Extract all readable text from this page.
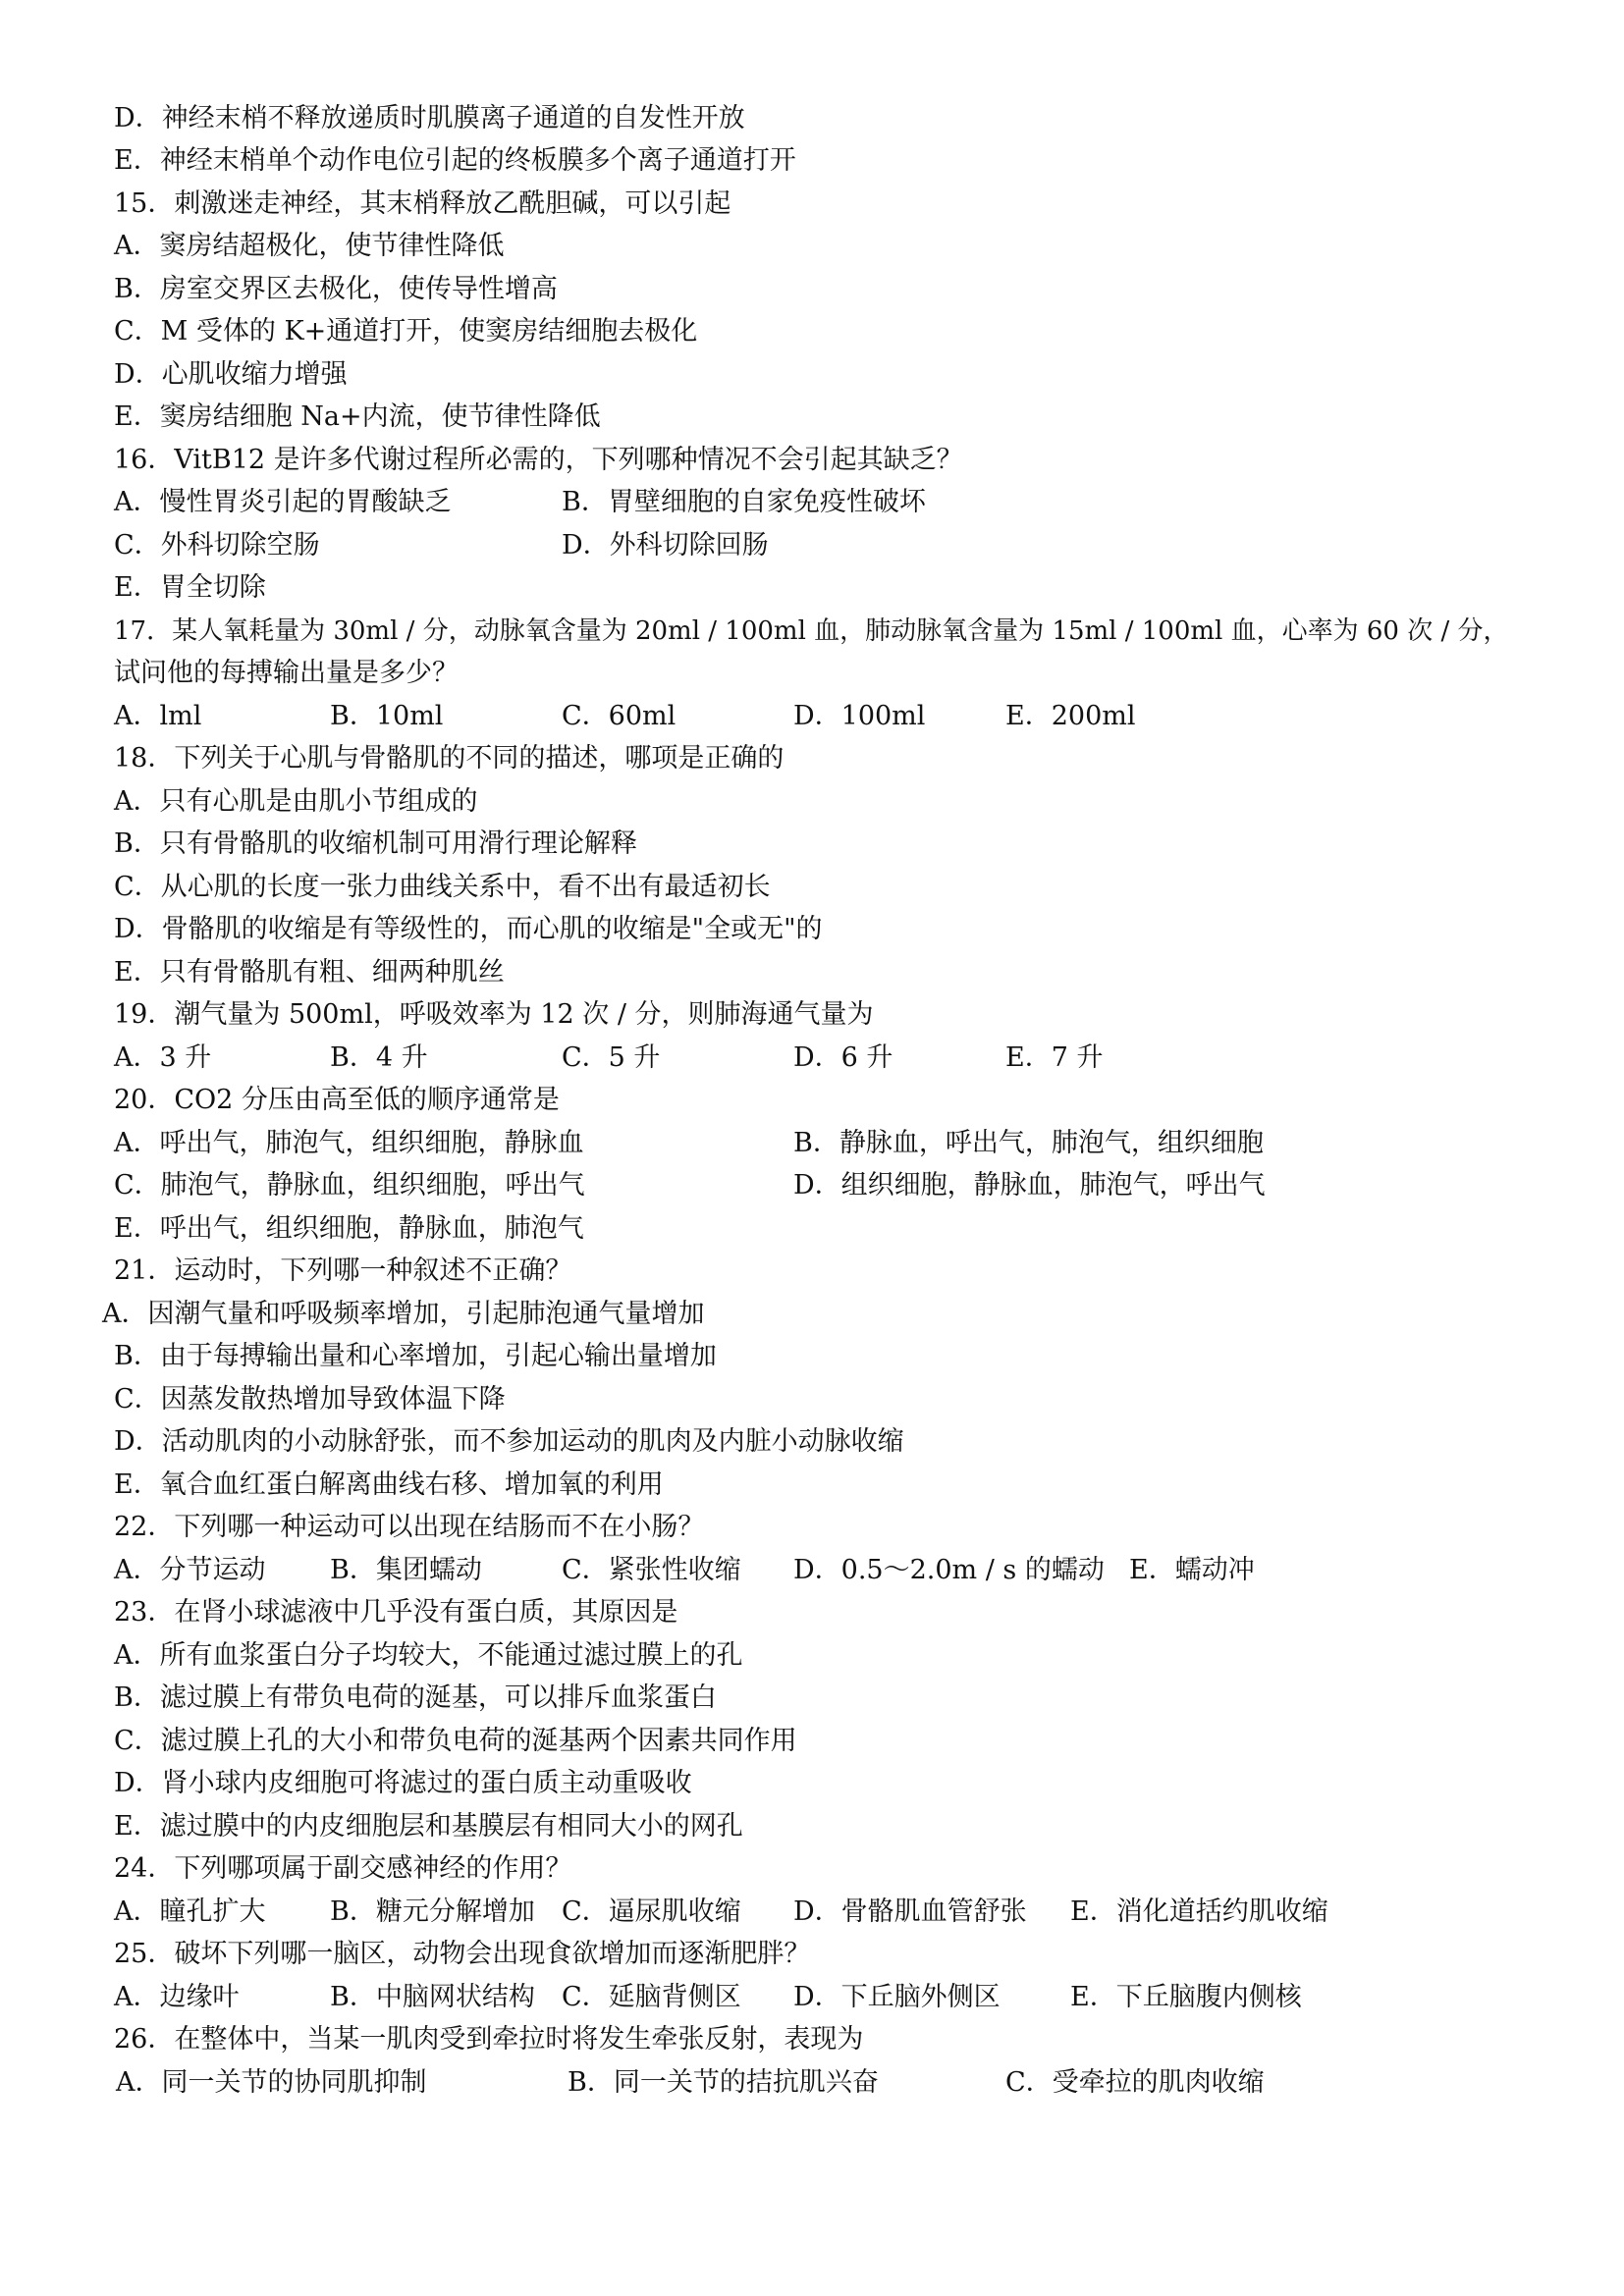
D．神经末梢不释放递质时肌膜离子通道的自发性开放
E．神经末梢单个动作电位引起的终板膜多个离子通道打开
15．刺激迷走神经，其末梢释放乙酰胆碱，可以引起
A．窦房结超极化，使节律性降低
B．房室交界区去极化，使传导性增高
C．M 受体的 K+通道打开，使窦房结细胞去极化
D．心肌收缩力增强
E．窦房结细胞 Na+内流，使节律性降低
16．VitB12 是许多代谢过程所必需的，下列哪种情况不会引起其缺乏？
A．慢性胃炎引起的胃酸缺乏	B．胃壁细胞的自家免疫性破坏
C．外科切除空肠	D．外科切除回肠
E．胃全切除
17．某人氧耗量为 30ml / 分，动脉氧含量为 20ml / 100ml 血，肺动脉氧含量为 15ml / 100ml 血，心率为 60 次 / 分，
试问他的每搏输出量是多少？
A．lml	B．10ml	C．60ml	D．100ml	E．200ml
18．下列关于心肌与骨骼肌的不同的描述，哪项是正确的
A．只有心肌是由肌小节组成的
B．只有骨骼肌的收缩机制可用滑行理论解释
C．从心肌的长度一张力曲线关系中，看不出有最适初长
D．骨骼肌的收缩是有等级性的，而心肌的收缩是"全或无"的
E．只有骨骼肌有粗、细两种肌丝
19．潮气量为 500ml，呼吸效率为 12 次 / 分，则肺海通气量为
A．3 升	B．4 升	C．5 升	D．6 升	E．7 升
20．CO2 分压由高至低的顺序通常是
A．呼出气，肺泡气，组织细胞，静脉血	B．静脉血，呼出气，肺泡气，组织细胞
C．肺泡气，静脉血，组织细胞，呼出气	D．组织细胞，静脉血，肺泡气，呼出气
E．呼出气，组织细胞，静脉血，肺泡气
21．运动时，下列哪一种叙述不正确？
A．因潮气量和呼吸频率增加，引起肺泡通气量增加
B．由于每搏输出量和心率增加，引起心输出量增加
C．因蒸发散热增加导致体温下降
D．活动肌肉的小动脉舒张，而不参加运动的肌肉及内脏小动脉收缩
E．氧合血红蛋白解离曲线右移、增加氧的利用
22．下列哪一种运动可以出现在结肠而不在小肠？
A．分节运动 B．集团蠕动	C．紧张性收缩 D．0.5～2.0m / s 的蠕动 E．蠕动冲
23．在肾小球滤液中几乎没有蛋白质，其原因是
A．所有血浆蛋白分子均较大，不能通过滤过膜上的孔
B．滤过膜上有带负电荷的涎基，可以排斥血浆蛋白
C．滤过膜上孔的大小和带负电荷的涎基两个因素共同作用
D．肾小球内皮细胞可将滤过的蛋白质主动重吸收
E．滤过膜中的内皮细胞层和基膜层有相同大小的网孔
24．下列哪项属于副交感神经的作用？
A．瞳孔扩大 B．糖元分解增加 C．逼尿肌收缩 D．骨骼肌血管舒张 E．消化道括约肌收缩
25．破坏下列哪一脑区，动物会出现食欲增加而逐渐肥胖？
A．边缘叶	B．中脑网状结构 C．延脑背侧区 D．下丘脑外侧区	E．下丘脑腹内侧核
26．在整体中，当某一肌肉受到牵拉时将发生牵张反射，表现为
A．同一关节的协同肌抑制	B．同一关节的拮抗肌兴奋	C．受牵拉的肌肉收缩
